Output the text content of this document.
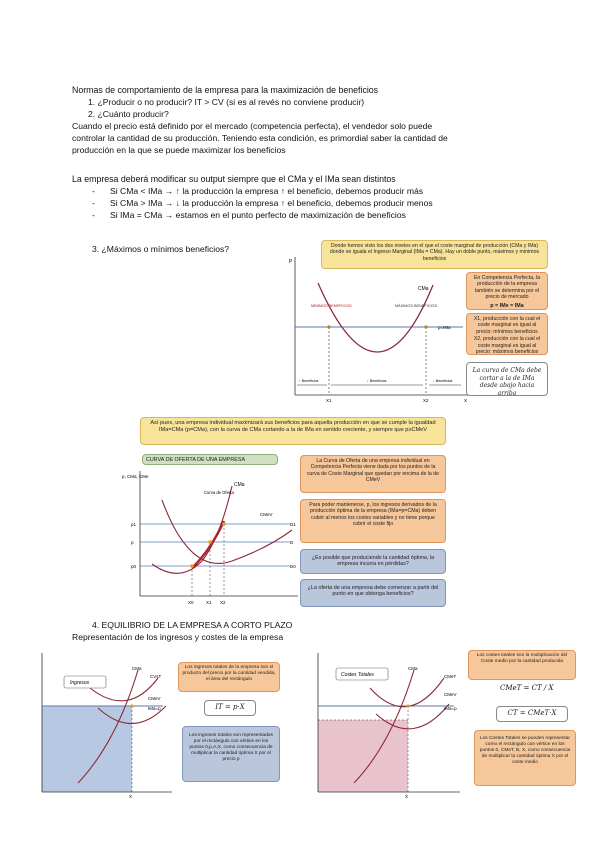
Normas de comportamiento de la empresa para la maximización de beneficios
1. ¿Producir o no producir? IT > CV (si es al revés no conviene producir)
2. ¿Cuánto producir?
Cuando el precio está definido por el mercado (competencia perfecta), el vendedor solo puede
controlar la cantidad de su producción. Teniendo esta condición, es primordial saber la cantidad de
producción en la que se puede maximizar los beneficios
La empresa deberá modificar su output siempre que el CMa y el IMa sean distintos
- Si CMa < IMa → ↑ la producción la empresa ↑ el beneficio, debemos producir más
- Si CMa > IMa → ↓ la producción la empresa ↑ el beneficio, debemos producir menos
- Si IMa = CMa → estamos en el punto perfecto de maximización de beneficios
3. ¿Máximos o mínimos beneficios?
P
CMa
p=IMa
MÍNIMOS BENEFICIOS	MÁXIMOS BENEFICIOS
X1	X2	X
↑ Beneficios	↓ Beneficios	↓ Beneficios
Donde hemos visto los dos niveles en el que el coste marginal de producción (CMa y IMa) donde se iguala el Ingreso Marginal (IMa = CMa). Hay un doble punto, máximos y mínimos beneficios
En Competencia Perfecta, la producción de la empresa también se determina por el precio de mercado
p = IMe = IMa
X1, producción con la cual el coste marginal es igual al precio: mínimos beneficios
X2, producción con la cual el coste marginal es igual al precio: máximos beneficios
La curva de CMa debe cortar a la de IMa desde abajo hacia arriba
Así pues, una empresa individual maximizará sus beneficios para aquella producción en que se cumple la igualdad IMa=CMa (p=CMa), con la curva de CMa cortando a la de IMa en sentido creciente, y siempre que p≥CMeV
CURVA DE OFERTA DE UNA EMPRESA
p, CMa, CMe
CMa
Curva de Oferta
CMeV
D1
D
D0
p1
p
p0
X0	X1 X2
La Curva de Oferta de una empresa individual en Competencia Perfecta viene dada por los puntos de la curva de Coste Marginal que quedan por encima de la de CMeV
Para poder mantenerse, p, los ingresos derivados de la producción óptima de la empresa (IMa=p=CMa) deben cubrir al menos los costes variables y no tiene porque cubrir el coste fijo
¿Es posible que produciendo la cantidad óptima, la empresa incurra en pérdidas?
¿La oferta de una empresa debe comenzar a partir del punto en que obtenga beneficios?
4. EQUILIBRIO DE LA EMPRESA A CORTO PLAZO
Representación de los ingresos y costes de la empresa
Ingresos
CMa
CVsT
CMeV
IMa=p
X
Los ingresos totales de la empresa son el producto del precio por la cantidad vendida, el área del rectángulo
IT = p·X
Los ingresos totales son representados por el rectángulo con vértice en los puntos 0,p,A,X, como consecuencia de multiplicar la cantidad óptima X por el precio p
Costes Totales
CMa
CMeT
CMeV
IMa=p
X
Los costes totales son la multiplicación del Coste medio por la cantidad producida
CMeT = CT / X
CT = CMeT·X
Los Costes Totales se pueden representar como el rectángulo con vértice en los puntos 0, CMeT, B, X, como consecuencia de multiplicar la cantidad óptima X por el coste medio
